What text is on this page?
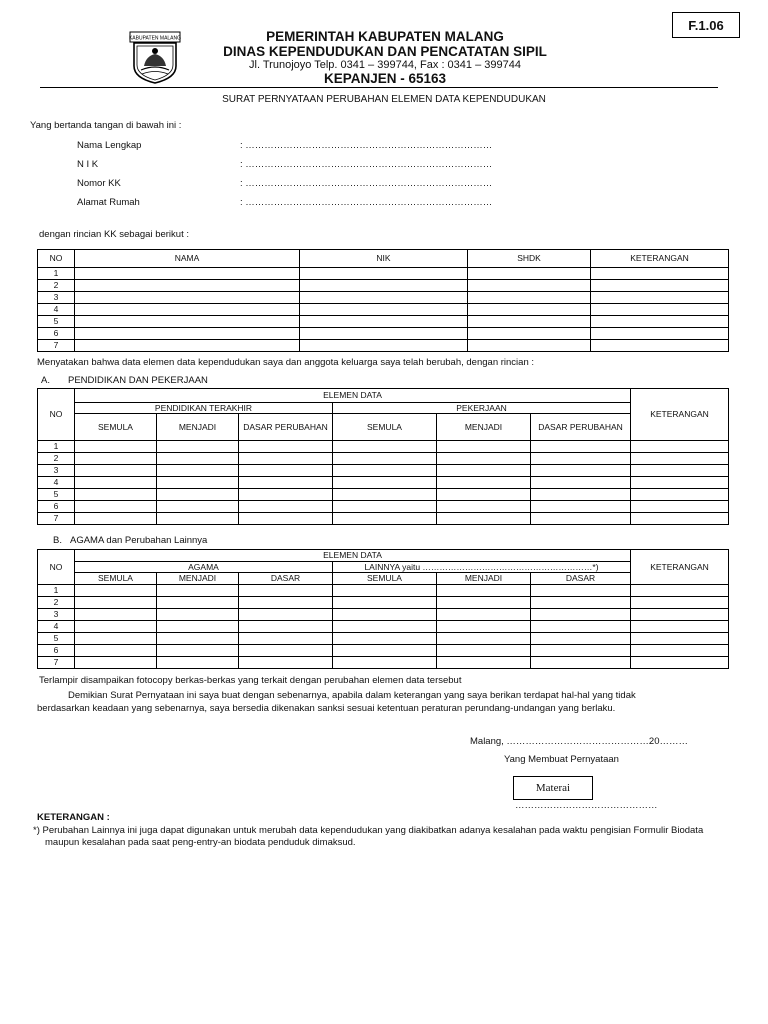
F.1.06
KABUPATEN MALANG	PEMERINTAH KABUPATEN MALANG
DINAS KEPENDUDUKAN DAN PENCATATAN SIPIL
Jl. Trunojoyo Telp. 0341 – 399744, Fax : 0341 – 399744
KEPANJEN - 65163
SURAT PERNYATAAN PERUBAHAN ELEMEN DATA KEPENDUDUKAN
Yang bertanda tangan di bawah ini :
Nama Lengkap	: ……………………………………………………………………
N I K	: ……………………………………………………………………
Nomor KK	: ……………………………………………………………………
Alamat Rumah	: ……………………………………………………………………
dengan rincian KK sebagai berikut :
NO	NAMA	NIK	SHDK	KETERANGAN
1				
2				
3				
4				
5				
6				
7				
Menyatakan bahwa data elemen data kependudukan saya dan anggota keluarga saya telah berubah, dengan rincian :
A. PENDIDIKAN DAN PEKERJAAN
NO	ELEMEN DATA						KETERANGAN
	PENDIDIKAN TERAKHIR			PEKERJAAN			
	SEMULA	MENJADI	DASAR PERUBAHAN	SEMULA	MENJADI	DASAR PERUBAHAN	
1							
2							
3							
4							
5							
6							
7							
B. AGAMA dan Perubahan Lainnya
NO	ELEMEN DATA						KETERANGAN
	AGAMA			LAINNYA yaitu ……………………………………………………*)			
	SEMULA	MENJADI	DASAR	SEMULA	MENJADI	DASAR	
1							
2							
3							
4							
5							
6							
7							
Terlampir disampaikan fotocopy berkas-berkas yang terkait dengan perubahan elemen data tersebut
Demikian Surat Pernyataan ini saya buat dengan sebenarnya, apabila dalam keterangan yang saya berikan terdapat hal-hal yang tidak berdasarkan keadaan yang sebenarnya, saya bersedia dikenakan sanksi sesuai ketentuan peraturan perundang-undangan yang berlaku.
Malang, ………………………………………20………
Yang Membuat Pernyataan
Materai
………………………………………
KETERANGAN :
*) Perubahan Lainnya ini juga dapat digunakan untuk merubah data kependudukan yang diakibatkan adanya kesalahan pada waktu pengisian Formulir Biodata maupun kesalahan pada saat peng-entry-an biodata penduduk dimaksud.
